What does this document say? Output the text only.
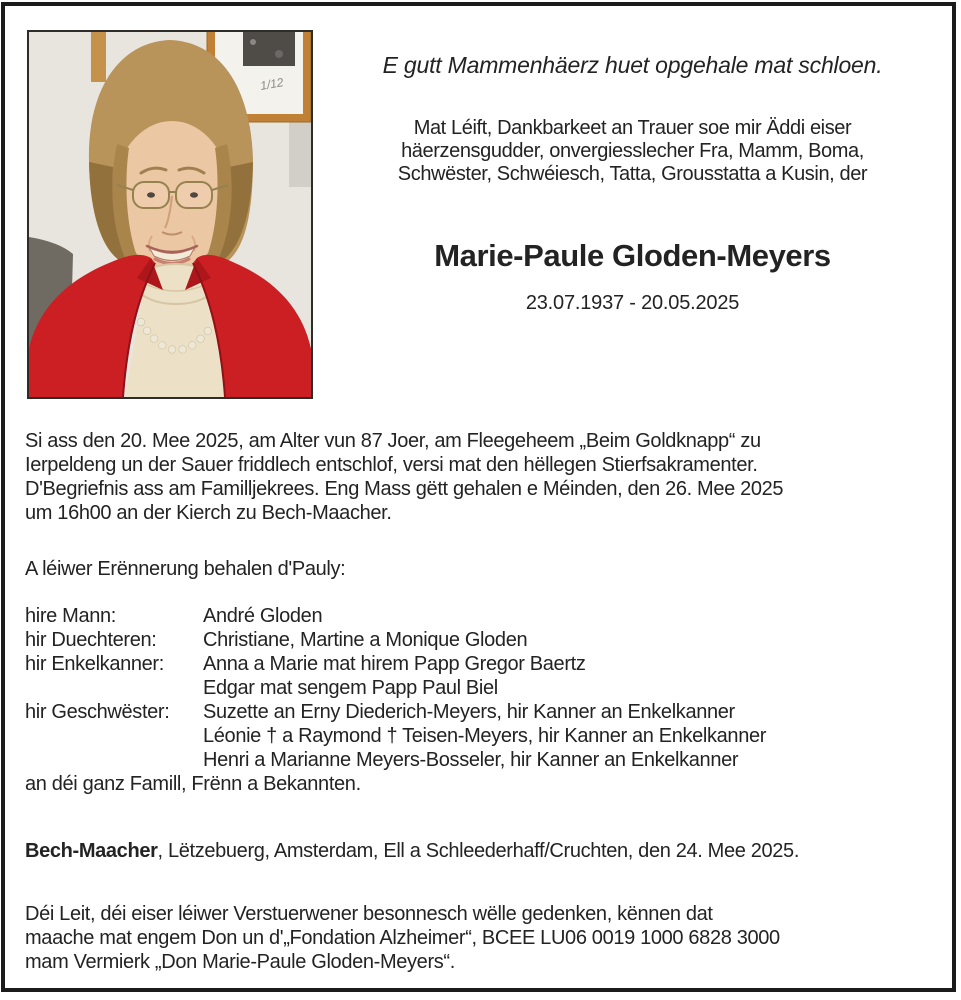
1/12
E gutt Mammenhäerz huet opgehale mat schloen.
Mat Léift, Dankbarkeet an Trauer soe mir Äddi eiser
häerzensgudder, onvergiesslecher Fra, Mamm, Boma,
Schwëster, Schwéiesch, Tatta, Grousstatta a Kusin, der
Marie-Paule Gloden-Meyers
23.07.1937 - 20.05.2025
Si ass den 20. Mee 2025, am Alter vun 87 Joer, am Fleegeheem „Beim Goldknapp“ zu
Ierpeldeng un der Sauer friddlech entschlof, versi mat den hëllegen Stierfsakramenter.
D'Begriefnis ass am Familljekrees. Eng Mass gëtt gehalen e Méinden, den 26. Mee 2025
um 16h00 an der Kierch zu Bech-Maacher.
A léiwer Erënnerung behalen d'Pauly:
hire Mann:	André Gloden
hir Duechteren:	Christiane, Martine a Monique Gloden
hir Enkelkanner:	Anna a Marie mat hirem Papp Gregor Baertz
Edgar mat sengem Papp Paul Biel
hir Geschwëster:	Suzette an Erny Diederich-Meyers, hir Kanner an Enkelkanner
Léonie † a Raymond † Teisen-Meyers, hir Kanner an Enkelkanner
Henri a Marianne Meyers-Bosseler, hir Kanner an Enkelkanner
an déi ganz Famill, Frënn a Bekannten.
Bech-Maacher, Lëtzebuerg, Amsterdam, Ell a Schleederhaff/Cruchten, den 24. Mee 2025.
Déi Leit, déi eiser léiwer Verstuerwener besonnesch wëlle gedenken, kënnen dat
maache mat engem Don un d'„Fondation Alzheimer“, BCEE LU06 0019 1000 6828 3000
mam Vermierk „Don Marie-Paule Gloden-Meyers“.
